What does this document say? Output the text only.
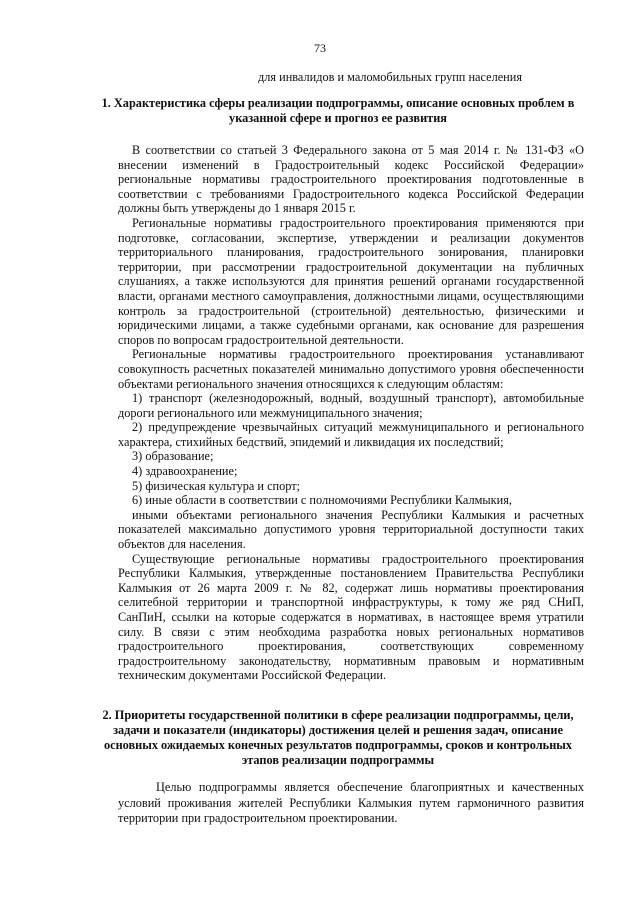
73
для инвалидов и маломобильных групп населения
1. Характеристика сферы реализации подпрограммы, описание основных проблем в указанной сфере и прогноз ее развития

В соответствии со статьей 3 Федерального закона от 5 мая 2014 г. № 131-ФЗ «О внесении изменений в Градостроительный кодекс Российской Федерации» региональные нормативы градостроительного проектирования подготовленные в соответствии с требованиями Градостроительного кодекса Российской Федерации должны быть утверждены до 1 января 2015 г.

Региональные нормативы градостроительного проектирования применяются при подготовке, согласовании, экспертизе, утверждении и реализации документов территориального планирования, градостроительного зонирования, планировки территории, при рассмотрении градостроительной документации на публичных слушаниях, а также используются для принятия решений органами государственной власти, органами местного самоуправления, должностными лицами, осуществляющими контроль за градостроительной (строительной) деятельностью, физическими и юридическими лицами, а также судебными органами, как основание для разрешения споров по вопросам градостроительной деятельности.

Региональные нормативы градостроительного проектирования устанавливают совокупность расчетных показателей минимально допустимого уровня обеспеченности объектами регионального значения относящихся к следующим областям:

1) транспорт (железнодорожный, водный, воздушный транспорт), автомобильные дороги регионального или межмуниципального значения;

2) предупреждение чрезвычайных ситуаций межмуниципального и регионального характера, стихийных бедствий, эпидемий и ликвидация их последствий;

3) образование;

4) здравоохранение;

5) физическая культура и спорт;

6) иные области в соответствии с полномочиями Республики Калмыкия,

иными объектами регионального значения Республики Калмыкия и расчетных показателей максимально допустимого уровня территориальной доступности таких объектов для населения.

Существующие региональные нормативы градостроительного проектирования Республики Калмыкия, утвержденные постановлением Правительства Республики Калмыкия от 26 марта 2009 г. № 82, содержат лишь нормативы проектирования селитебной территории и транспортной инфраструктуры, к тому же ряд СНиП, СанПиН, ссылки на которые содержатся в нормативах, в настоящее время утратили силу. В связи с этим необходима разработка новых региональных нормативов градостроительного проектирования, соответствующих современному градостроительному законодательству, нормативным правовым и нормативным техническим документами Российской Федерации.

2. Приоритеты государственной политики в сфере реализации подпрограммы, цели, задачи и показатели (индикаторы) достижения целей и решения задач, описание основных ожидаемых конечных результатов подпрограммы, сроков и контрольных этапов реализации подпрограммы

Целью подпрограммы является обеспечение благоприятных и качественных условий проживания жителей Республики Калмыкия путем гармоничного развития территории при градостроительном проектировании.
